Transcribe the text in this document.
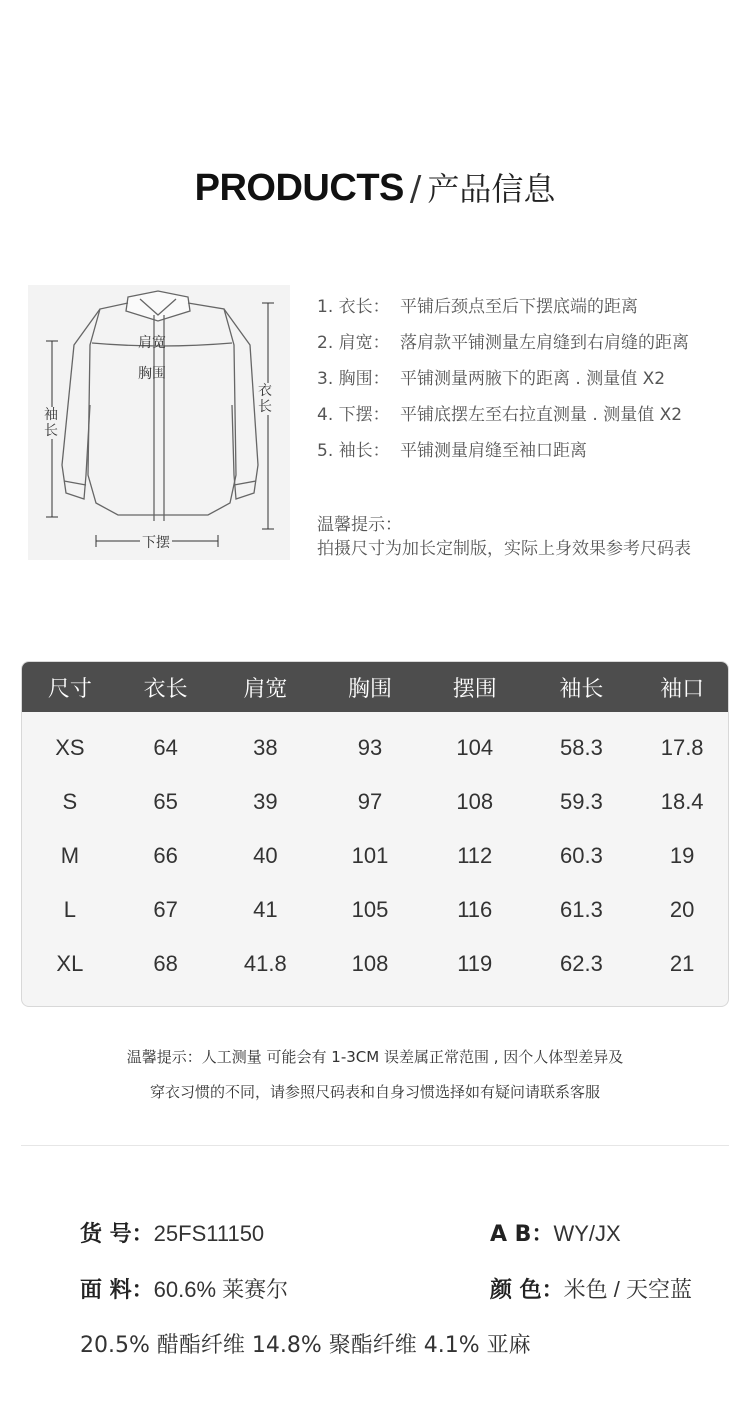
PRODUCTS / 产品信息
肩宽
胸围
衣长
袖长
下摆
1. 衣长： 平铺后颈点至后下摆底端的距离
2. 肩宽： 落肩款平铺测量左肩缝到右肩缝的距离
3. 胸围： 平铺测量两腋下的距离 . 测量值 X2
4. 下摆： 平铺底摆左至右拉直测量 . 测量值 X2
5. 袖长： 平铺测量肩缝至袖口距离
温馨提示：
拍摄尺寸为加长定制版，实际上身效果参考尺码表
尺寸	衣长	肩宽	胸围	摆围	袖长	袖口
XS	64	38	93	104	58.3	17.8
S	65	39	97	108	59.3	18.4
M	66	40	101	112	60.3	19
L	67	41	105	116	61.3	20
XL	68	41.8	108	119	62.3	21
温馨提示：人工测量 可能会有 1-3CM 误差属正常范围 , 因个人体型差异及
穿衣习惯的不同，请参照尺码表和自身习惯选择如有疑问请联系客服
货 号：25FS11150	A B：WY/JX
面 料：60.6% 莱赛尔	颜 色：米色 / 天空蓝
20.5% 醋酯纤维 14.8% 聚酯纤维 4.1% 亚麻
